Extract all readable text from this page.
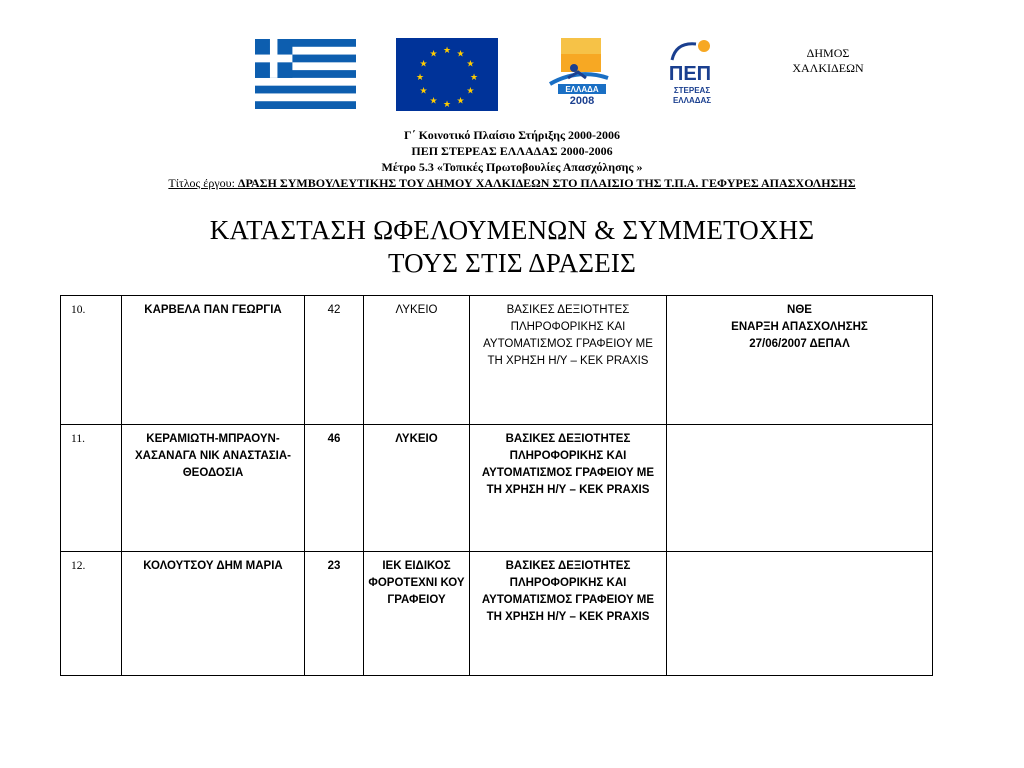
★ ★
★
★
★
★
★
★
★
★
★
★
ΕΛΛΑΔΑ
2008
ΠΕΠ
ΣΤΕΡΕΑΣ
ΕΛΛΑΔΑΣ
ΔΗΜΟΣ
ΧΑΛΚΙΔΕΩΝ
Γ΄ Κοινοτικό Πλαίσιο Στήριξης 2000-2006
ΠΕΠ ΣΤΕΡΕΑΣ ΕΛΛΑΔΑΣ 2000-2006
Μέτρο 5.3 «Τοπικές Πρωτοβουλίες Απασχόλησης »
Τίτλος έργου: ΔΡΑΣΗ ΣΥΜΒΟΥΛΕΥΤΙΚΗΣ ΤΟΥ ΔΗΜΟΥ ΧΑΛΚΙΔΕΩΝ ΣΤΟ ΠΛΑΙΣΙΟ ΤΗΣ Τ.Π.Α. ΓΕΦΥΡΕΣ ΑΠΑΣΧΟΛΗΣΗΣ
ΚΑΤΑΣΤΑΣΗ ΩΦΕΛΟΥΜΕΝΩΝ & ΣΥΜΜΕΤΟΧΗΣ
ΤΟΥΣ ΣΤΙΣ ΔΡΑΣΕΙΣ
10.	ΚΑΡΒΕΛΑ ΠΑΝ ΓΕΩΡΓΙΑ	42	ΛΥΚΕΙΟ	ΒΑΣΙΚΕΣ ΔΕΞΙΟΤΗΤΕΣ ΠΛΗΡΟΦΟΡΙΚΗΣ ΚΑΙ ΑΥΤΟΜΑΤΙΣΜΟΣ ΓΡΑΦΕΙΟΥ ΜΕ ΤΗ ΧΡΗΣΗ Η/Υ – ΚΕΚ PRAXIS	ΝΘΕ
ΕΝΑΡΞΗ ΑΠΑΣΧΟΛΗΣΗΣ
27/06/2007 ΔΕΠΑΛ

11.	ΚΕΡΑΜΙΩΤΗ-ΜΠΡΑΟΥΝ-ΧΑΣΑΝΑΓΑ ΝΙΚ ΑΝΑΣΤΑΣΙΑ-ΘΕΟΔΟΣΙΑ	46	ΛΥΚΕΙΟ	ΒΑΣΙΚΕΣ ΔΕΞΙΟΤΗΤΕΣ ΠΛΗΡΟΦΟΡΙΚΗΣ ΚΑΙ ΑΥΤΟΜΑΤΙΣΜΟΣ ΓΡΑΦΕΙΟΥ ΜΕ ΤΗ ΧΡΗΣΗ Η/Υ – ΚΕΚ PRAXIS	

12.	ΚΟΛΟΥΤΣΟΥ ΔΗΜ ΜΑΡΙΑ	23	ΙΕΚ ΕΙΔΙΚΟΣ ΦΟΡΟΤΕΧΝΙ ΚΟΥ ΓΡΑΦΕΙΟΥ	ΒΑΣΙΚΕΣ ΔΕΞΙΟΤΗΤΕΣ ΠΛΗΡΟΦΟΡΙΚΗΣ ΚΑΙ ΑΥΤΟΜΑΤΙΣΜΟΣ ΓΡΑΦΕΙΟΥ ΜΕ ΤΗ ΧΡΗΣΗ Η/Υ – ΚΕΚ PRAXIS	
